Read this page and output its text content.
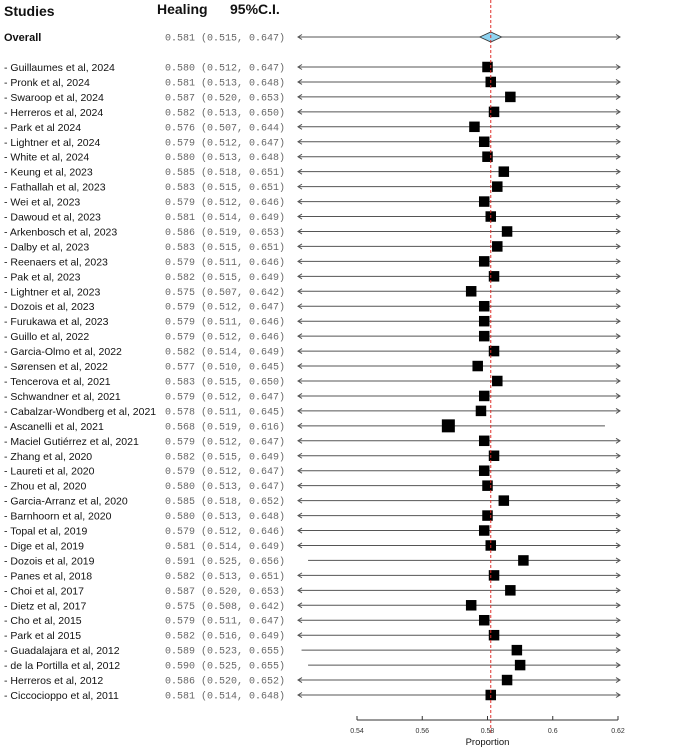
Studies	Healing 95%C.I.
Overall	0.581 (0.515, 0.647)
- Guillaumes et al, 2024	0.580 (0.512, 0.647)
- Pronk et al, 2024	0.581 (0.513, 0.648)
- Swaroop et al, 2024	0.587 (0.520, 0.653)
- Herreros et al, 2024	0.582 (0.513, 0.650)
- Park et al 2024	0.576 (0.507, 0.644)
- Lightner et al, 2024	0.579 (0.512, 0.647)
- White et al, 2024	0.580 (0.513, 0.648)
- Keung et al, 2023	0.585 (0.518, 0.651)
- Fathallah et al, 2023	0.583 (0.515, 0.651)
- Wei et al, 2023	0.579 (0.512, 0.646)
- Dawoud et al, 2023	0.581 (0.514, 0.649)
- Arkenbosch et al, 2023	0.586 (0.519, 0.653)
- Dalby et al, 2023	0.583 (0.515, 0.651)
- Reenaers et al, 2023	0.579 (0.511, 0.646)
- Pak et al, 2023	0.582 (0.515, 0.649)
- Lightner et al, 2023	0.575 (0.507, 0.642)
- Dozois et al, 2023	0.579 (0.512, 0.647)
- Furukawa et al, 2023	0.579 (0.511, 0.646)
- Guillo et al, 2022	0.579 (0.512, 0.646)
- Garcia-Olmo et al, 2022	0.582 (0.514, 0.649)
- Sørensen et al, 2022	0.577 (0.510, 0.645)
- Tencerova et al, 2021	0.583 (0.515, 0.650)
- Schwandner et al, 2021	0.579 (0.512, 0.647)
- Cabalzar-Wondberg et al, 2021 0.578 (0.511, 0.645)
- Ascanelli et al, 2021	0.568 (0.519, 0.616)
- Maciel Gutiérrez et al, 2021	0.579 (0.512, 0.647)
- Zhang et al, 2020	0.582 (0.515, 0.649)
- Laureti et al, 2020	0.579 (0.512, 0.647)
- Zhou et al, 2020	0.580 (0.513, 0.647)
- Garcia-Arranz et al, 2020	0.585 (0.518, 0.652)
- Barnhoorn et al, 2020	0.580 (0.513, 0.648)
- Topal et al, 2019	0.579 (0.512, 0.646)
- Dige et al, 2019	0.581 (0.514, 0.649)
- Dozois et al, 2019	0.591 (0.525, 0.656)
- Panes et al, 2018	0.582 (0.513, 0.651)
- Choi et al, 2017	0.587 (0.520, 0.653)
- Dietz et al, 2017	0.575 (0.508, 0.642)
- Cho et al, 2015	0.579 (0.511, 0.647)
- Park et al 2015	0.582 (0.516, 0.649)
- Guadalajara et al, 2012	0.589 (0.523, 0.655)
- de la Portilla et al, 2012	0.590 (0.525, 0.655)
- Herreros et al, 2012	0.586 (0.520, 0.652)
- Ciccocioppo et al, 2011	0.581 (0.514, 0.648)
0.54	0.56	0.58	0.6	0.62
Proportion
